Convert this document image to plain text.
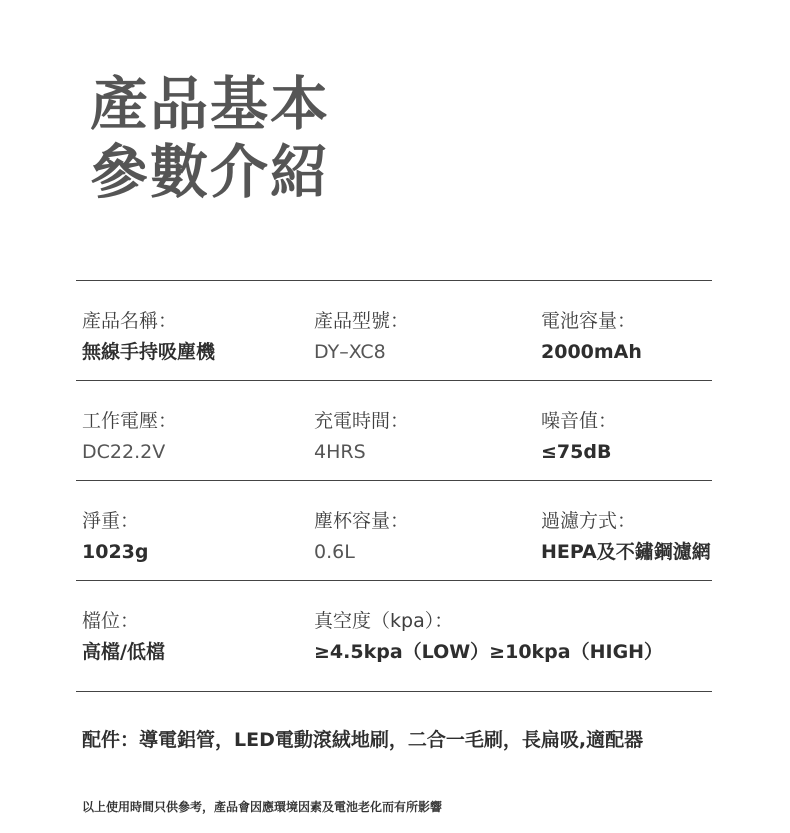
產品基本
參數介紹
產品名稱：
無線手持吸塵機
產品型號：
DY–XC8
電池容量：
2000mAh
工作電壓：
DC22.2V
充電時間：
4HRS
噪音值：
≤75dB
淨重：
1023g
塵杯容量：
0.6L
過濾方式：
HEPA及不鏽鋼濾網
檔位：
高檔/低檔
真空度（kpa）：
≥4.5kpa（LOW）≥10kpa（HIGH）
配件：導電鋁管，LED電動滾絨地刷，二合一毛刷，長扁吸,適配器
以上使用時間只供參考，產品會因應環境因素及電池老化而有所影響
